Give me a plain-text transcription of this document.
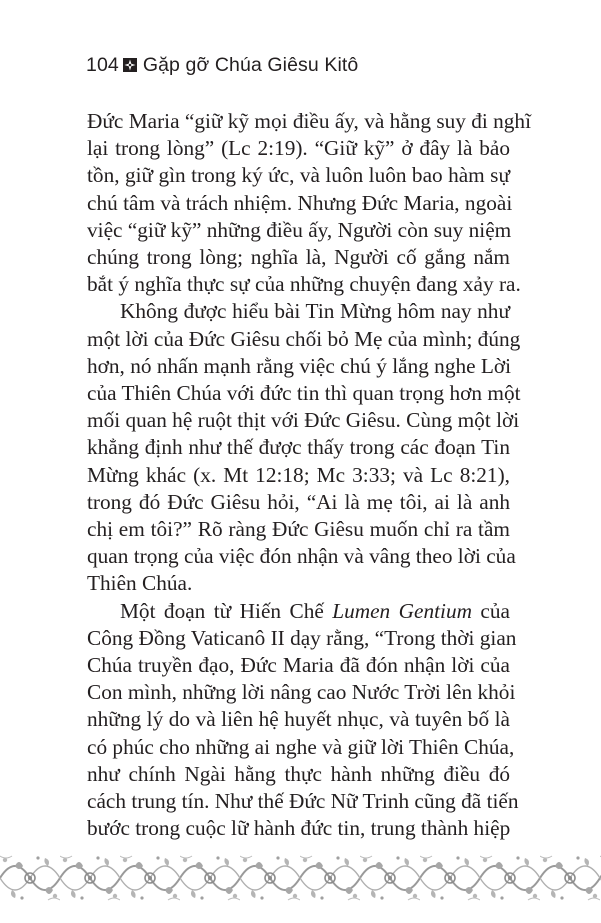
104 Gặp gỡ Chúa Giêsu Kitô

Đức Maria “giữ kỹ mọi điều ấy, và hằng suy đi nghĩ
lại trong lòng” (Lc 2:19). “Giữ kỹ” ở đây là bảo
tồn, giữ gìn trong ký ức, và luôn luôn bao hàm sự
chú tâm và trách nhiệm. Nhưng Đức Maria, ngoài
việc “giữ kỹ” những điều ấy, Người còn suy niệm
chúng trong lòng; nghĩa là, Người cố gắng nắm
bắt ý nghĩa thực sự của những chuyện đang xảy ra.

Không được hiểu bài Tin Mừng hôm nay như
một lời của Đức Giêsu chối bỏ Mẹ của mình; đúng
hơn, nó nhấn mạnh rằng việc chú ý lắng nghe Lời
của Thiên Chúa với đức tin thì quan trọng hơn một
mối quan hệ ruột thịt với Đức Giêsu. Cùng một lời
khẳng định như thế được thấy trong các đoạn Tin
Mừng khác (x. Mt 12:18; Mc 3:33; và Lc 8:21),
trong đó Đức Giêsu hỏi, “Ai là mẹ tôi, ai là anh
chị em tôi?” Rõ ràng Đức Giêsu muốn chỉ ra tầm
quan trọng của việc đón nhận và vâng theo lời của
Thiên Chúa.

Một đoạn từ Hiến Chế Lumen Gentium của
Công Đồng Vaticanô II dạy rằng, “Trong thời gian
Chúa truyền đạo, Đức Maria đã đón nhận lời của
Con mình, những lời nâng cao Nước Trời lên khỏi
những lý do và liên hệ huyết nhục, và tuyên bố là
có phúc cho những ai nghe và giữ lời Thiên Chúa,
như chính Ngài hằng thực hành những điều đó
cách trung tín. Như thế Đức Nữ Trinh cũng đã tiến
bước trong cuộc lữ hành đức tin, trung thành hiệp
